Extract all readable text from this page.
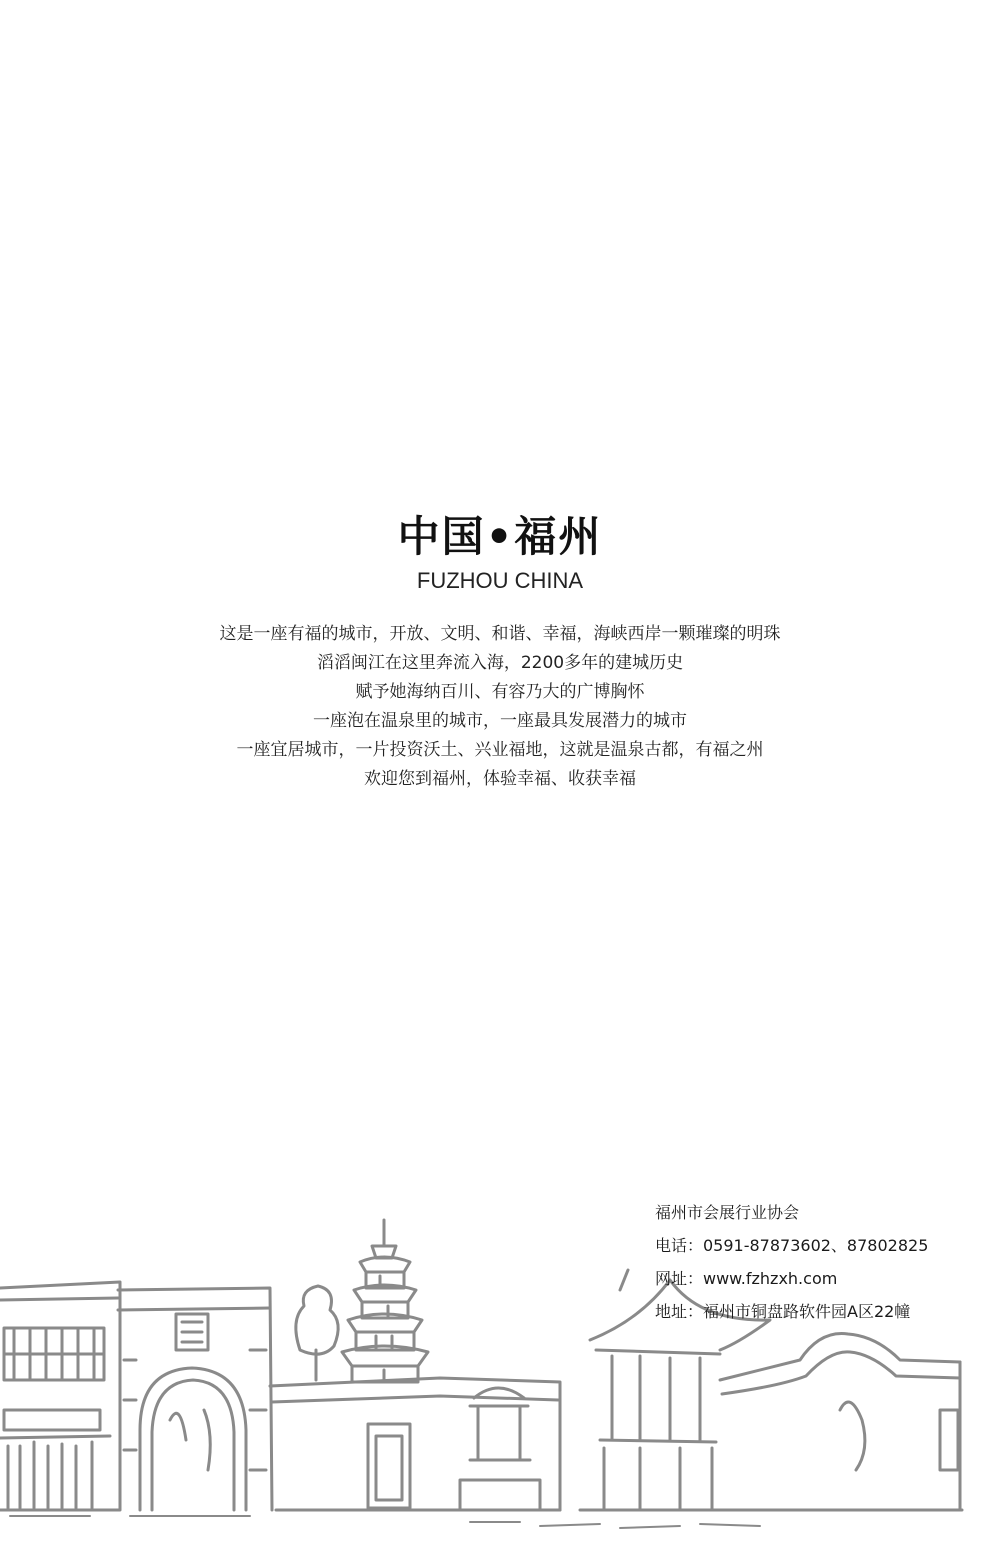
中国•福州
FUZHOU CHINA
这是一座有福的城市，开放、文明、和谐、幸福，海峡西岸一颗璀璨的明珠
滔滔闽江在这里奔流入海，2200多年的建城历史
赋予她海纳百川、有容乃大的广博胸怀
一座泡在温泉里的城市，一座最具发展潜力的城市
一座宜居城市，一片投资沃土、兴业福地，这就是温泉古都，有福之州
欢迎您到福州，体验幸福、收获幸福
福州市会展行业协会
电话：0591-87873602、87802825
网址：www.fzhzxh.com
地址：福州市铜盘路软件园A区22幢
